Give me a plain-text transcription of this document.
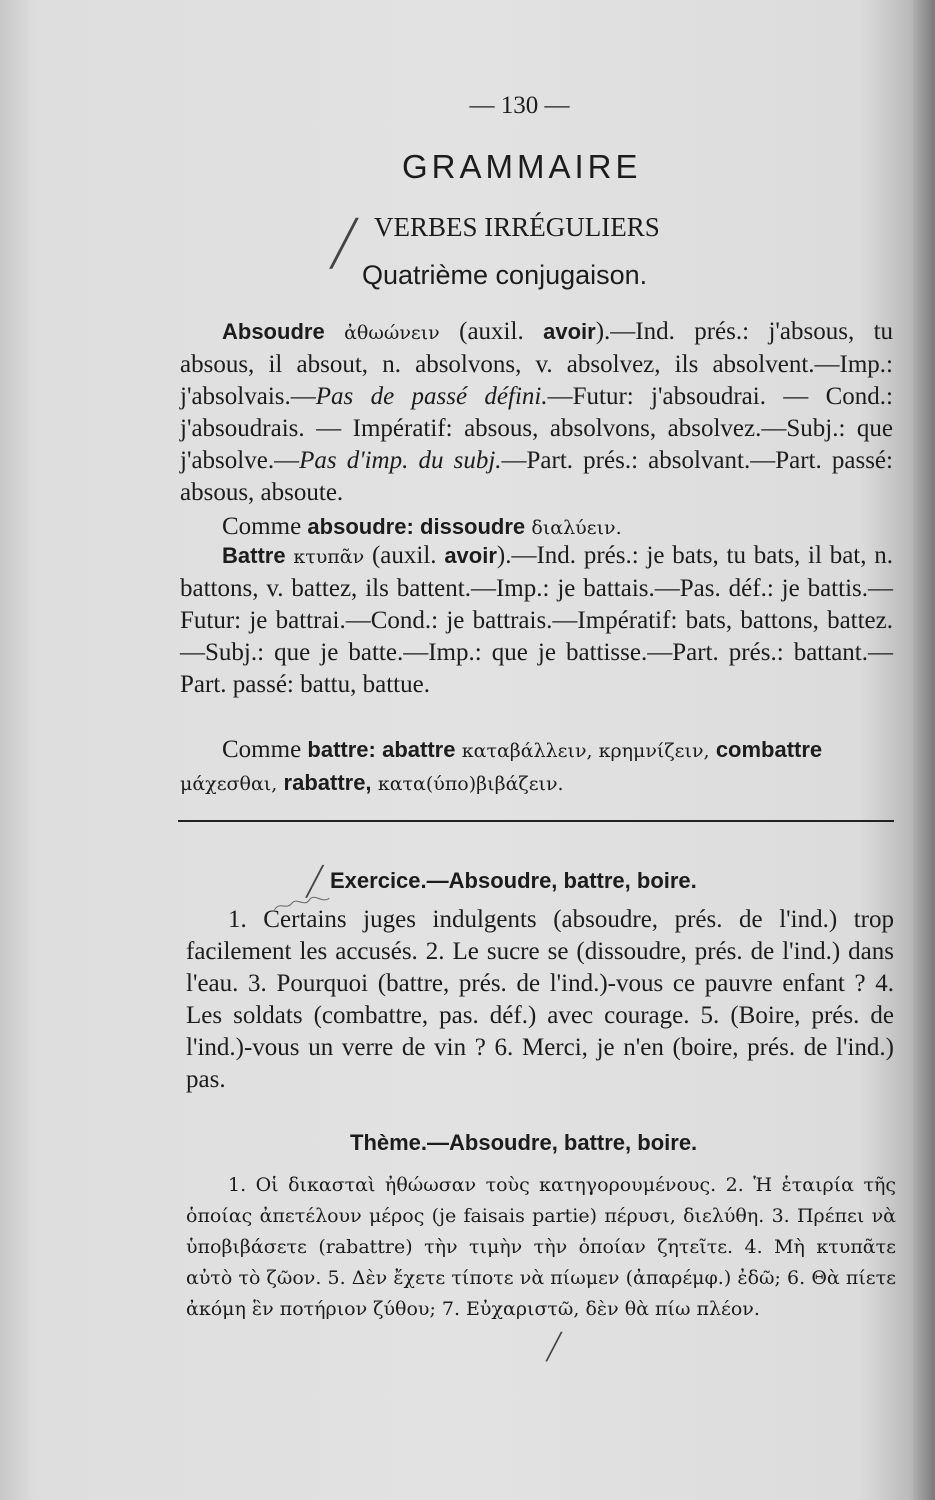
— 130 —
GRAMMAIRE
/ VERBES IRRÉGULIERS
Quatrième conjugaison.
Absoudre ἀθωώνειν (auxil. avoir).—Ind. prés.: j'absous, tu absous, il absout, n. absolvons, v. absolvez, ils absolvent.—Imp.: j'absolvais.—Pas de passé défini.—Futur: j'absoudrai. — Cond.: j'absoudrais. — Impératif: absous, absolvons, absolvez.—Subj.: que j'absolve.—Pas d'imp. du subj.—Part. prés.: absolvant.—Part. passé: absous, absoute.
Comme absoudre: dissoudre διαλύειν.
Battre κτυπᾶν (auxil. avoir).—Ind. prés.: je bats, tu bats, il bat, n. battons, v. battez, ils battent.—Imp.: je battais.—Pas. déf.: je battis.—Futur: je battrai.—Cond.: je battrais.—Impératif: bats, battons, battez.—Subj.: que je batte.—Imp.: que je battisse.—Part. prés.: battant.—Part. passé: battu, battue.
Comme battre: abattre καταβάλλειν, κρημνίζειν, combattre
μάχεσθαι, rabattre, κατα(ύπο)βιβάζειν.
/ Exercice.—Absoudre, battre, boire.
1. Certains juges indulgents (absoudre, prés. de l'ind.) trop facilement les accusés. 2. Le sucre se (dissoudre, prés. de l'ind.) dans l'eau. 3. Pourquoi (battre, prés. de l'ind.)-vous ce pauvre enfant ? 4. Les soldats (combattre, pas. déf.) avec courage. 5. (Boire, prés. de l'ind.)-vous un verre de vin ? 6. Merci, je n'en (boire, prés. de l'ind.) pas.
Thème.—Absoudre, battre, boire.
1. Οἱ δικασταὶ ἠθώωσαν τοὺς κατηγορουμένους. 2. Ἡ ἑταιρία τῆς ὁποίας ἀπετέλουν μέρος (je faisais partie) πέρυσι, διελύθη. 3. Πρέπει νὰ ὑποβιβάσετε (rabattre) τὴν τιμὴν τὴν ὁποίαν ζητεῖτε. 4. Μὴ κτυπᾶτε αὐτὸ τὸ ζῶον. 5. Δὲν ἔχετε τίποτε νὰ πίωμεν (ἀπαρέμφ.) ἐδῶ; 6. Θὰ πίετε ἀκόμη ἓν ποτήριον ζύθου; 7. Εὐχαριστῶ, δὲν θὰ πίω πλέον.
/
